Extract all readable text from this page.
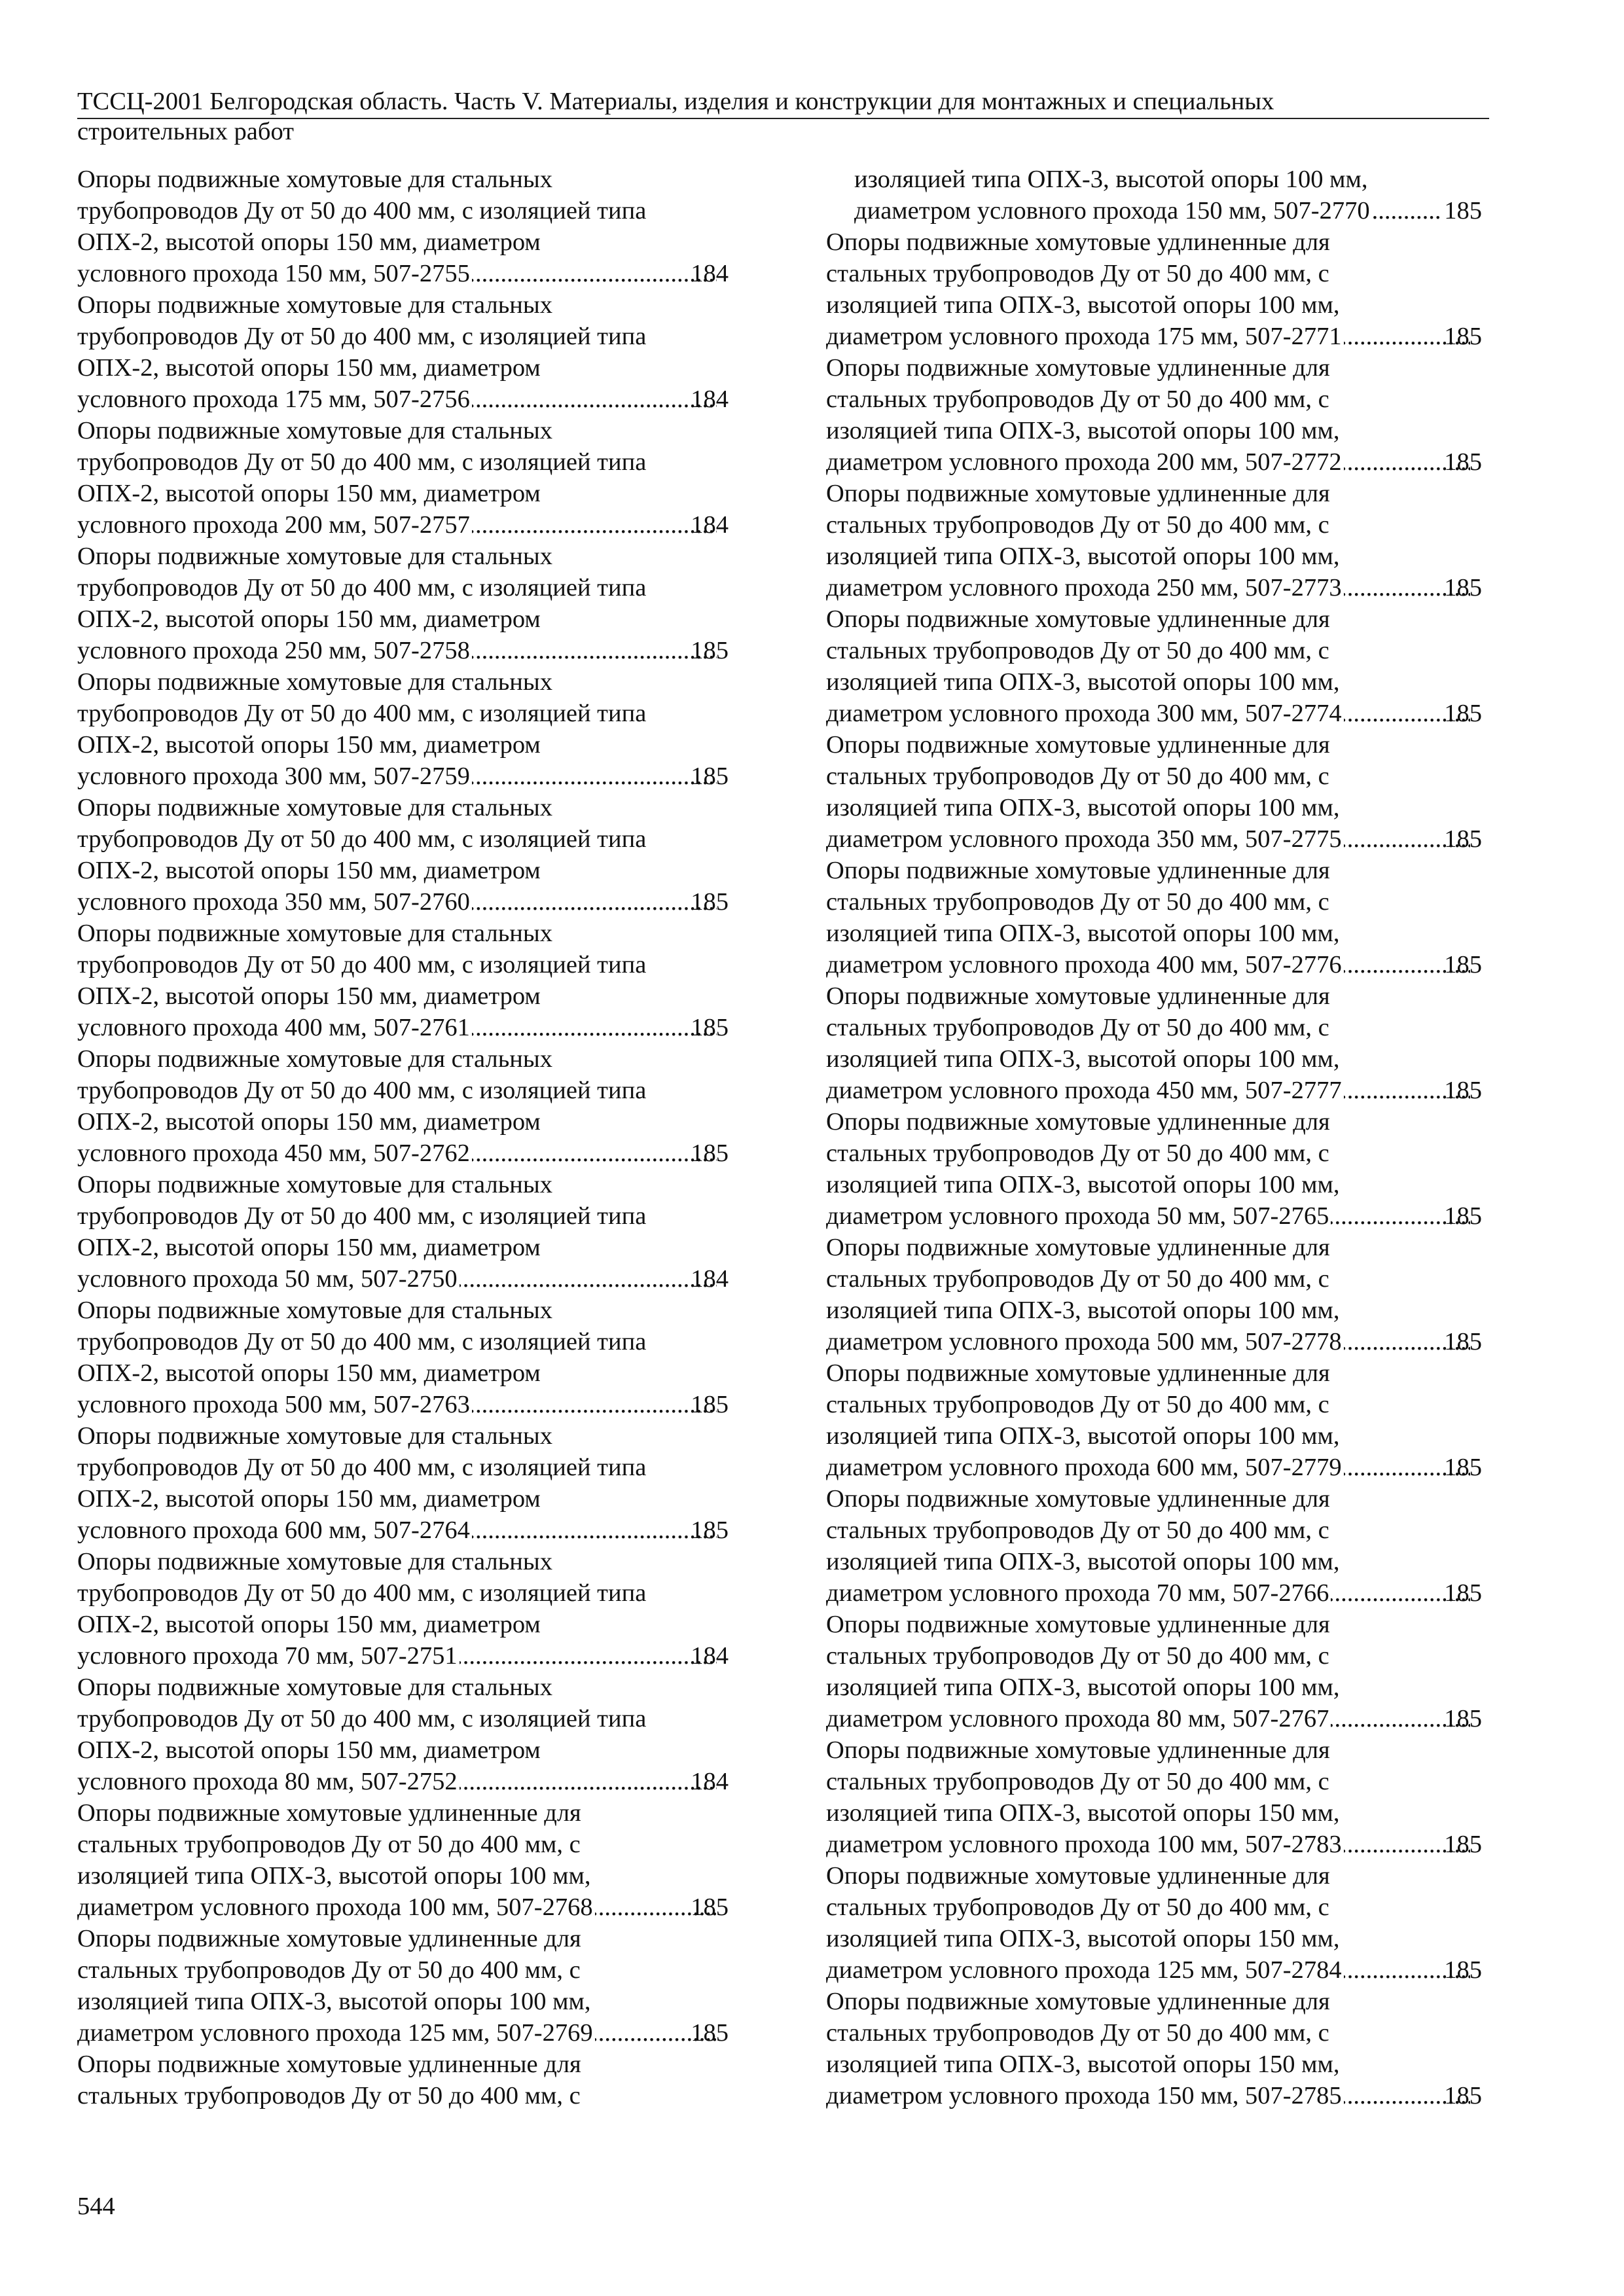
ТССЦ-2001 Белгородская область. Часть V. Материалы, изделия и конструкции для монтажных и специальных
строительных работ
Опоры подвижные хомутовые для стальных
трубопроводов Ду от 50 до 400 мм, с изоляцией типа
ОПХ-2, высотой опоры 150 мм, диаметром
условного прохода 150 мм, 507-2755 .....	184
Опоры подвижные хомутовые для стальных
трубопроводов Ду от 50 до 400 мм, с изоляцией типа
ОПХ-2, высотой опоры 150 мм, диаметром
условного прохода 175 мм, 507-2756 .....	184
Опоры подвижные хомутовые для стальных
трубопроводов Ду от 50 до 400 мм, с изоляцией типа
ОПХ-2, высотой опоры 150 мм, диаметром
условного прохода 200 мм, 507-2757 .....	184
Опоры подвижные хомутовые для стальных
трубопроводов Ду от 50 до 400 мм, с изоляцией типа
ОПХ-2, высотой опоры 150 мм, диаметром
условного прохода 250 мм, 507-2758 .....	185
Опоры подвижные хомутовые для стальных
трубопроводов Ду от 50 до 400 мм, с изоляцией типа
ОПХ-2, высотой опоры 150 мм, диаметром
условного прохода 300 мм, 507-2759 .....	185
Опоры подвижные хомутовые для стальных
трубопроводов Ду от 50 до 400 мм, с изоляцией типа
ОПХ-2, высотой опоры 150 мм, диаметром
условного прохода 350 мм, 507-2760 .....	185
Опоры подвижные хомутовые для стальных
трубопроводов Ду от 50 до 400 мм, с изоляцией типа
ОПХ-2, высотой опоры 150 мм, диаметром
условного прохода 400 мм, 507-2761 .....	185
Опоры подвижные хомутовые для стальных
трубопроводов Ду от 50 до 400 мм, с изоляцией типа
ОПХ-2, высотой опоры 150 мм, диаметром
условного прохода 450 мм, 507-2762 .....	185
Опоры подвижные хомутовые для стальных
трубопроводов Ду от 50 до 400 мм, с изоляцией типа
ОПХ-2, высотой опоры 150 мм, диаметром
условного прохода 50 мм, 507-2750 .....	184
Опоры подвижные хомутовые для стальных
трубопроводов Ду от 50 до 400 мм, с изоляцией типа
ОПХ-2, высотой опоры 150 мм, диаметром
условного прохода 500 мм, 507-2763 .....	185
Опоры подвижные хомутовые для стальных
трубопроводов Ду от 50 до 400 мм, с изоляцией типа
ОПХ-2, высотой опоры 150 мм, диаметром
условного прохода 600 мм, 507-2764 .....	185
Опоры подвижные хомутовые для стальных
трубопроводов Ду от 50 до 400 мм, с изоляцией типа
ОПХ-2, высотой опоры 150 мм, диаметром
условного прохода 70 мм, 507-2751 .....	184
Опоры подвижные хомутовые для стальных
трубопроводов Ду от 50 до 400 мм, с изоляцией типа
ОПХ-2, высотой опоры 150 мм, диаметром
условного прохода 80 мм, 507-2752 .....	184
Опоры подвижные хомутовые удлиненные для
стальных трубопроводов Ду от 50 до 400 мм, с
изоляцией типа ОПХ-3, высотой опоры 100 мм,
диаметром условного прохода 100 мм, 507-2768 .....	185
Опоры подвижные хомутовые удлиненные для
стальных трубопроводов Ду от 50 до 400 мм, с
изоляцией типа ОПХ-3, высотой опоры 100 мм,
диаметром условного прохода 125 мм, 507-2769 .....	185
Опоры подвижные хомутовые удлиненные для
стальных трубопроводов Ду от 50 до 400 мм, с
изоляцией типа ОПХ-3, высотой опоры 100 мм,
диаметром условного прохода 150 мм, 507-2770 .....	185
Опоры подвижные хомутовые удлиненные для
стальных трубопроводов Ду от 50 до 400 мм, с
изоляцией типа ОПХ-3, высотой опоры 100 мм,
диаметром условного прохода 175 мм, 507-2771 .....	185
Опоры подвижные хомутовые удлиненные для
стальных трубопроводов Ду от 50 до 400 мм, с
изоляцией типа ОПХ-3, высотой опоры 100 мм,
диаметром условного прохода 200 мм, 507-2772 .....	185
Опоры подвижные хомутовые удлиненные для
стальных трубопроводов Ду от 50 до 400 мм, с
изоляцией типа ОПХ-3, высотой опоры 100 мм,
диаметром условного прохода 250 мм, 507-2773 .....	185
Опоры подвижные хомутовые удлиненные для
стальных трубопроводов Ду от 50 до 400 мм, с
изоляцией типа ОПХ-3, высотой опоры 100 мм,
диаметром условного прохода 300 мм, 507-2774 .....	185
Опоры подвижные хомутовые удлиненные для
стальных трубопроводов Ду от 50 до 400 мм, с
изоляцией типа ОПХ-3, высотой опоры 100 мм,
диаметром условного прохода 350 мм, 507-2775 .....	185
Опоры подвижные хомутовые удлиненные для
стальных трубопроводов Ду от 50 до 400 мм, с
изоляцией типа ОПХ-3, высотой опоры 100 мм,
диаметром условного прохода 400 мм, 507-2776 .....	185
Опоры подвижные хомутовые удлиненные для
стальных трубопроводов Ду от 50 до 400 мм, с
изоляцией типа ОПХ-3, высотой опоры 100 мм,
диаметром условного прохода 450 мм, 507-2777 .....	185
Опоры подвижные хомутовые удлиненные для
стальных трубопроводов Ду от 50 до 400 мм, с
изоляцией типа ОПХ-3, высотой опоры 100 мм,
диаметром условного прохода 50 мм, 507-2765 .....	185
Опоры подвижные хомутовые удлиненные для
стальных трубопроводов Ду от 50 до 400 мм, с
изоляцией типа ОПХ-3, высотой опоры 100 мм,
диаметром условного прохода 500 мм, 507-2778 .....	185
Опоры подвижные хомутовые удлиненные для
стальных трубопроводов Ду от 50 до 400 мм, с
изоляцией типа ОПХ-3, высотой опоры 100 мм,
диаметром условного прохода 600 мм, 507-2779 .....	185
Опоры подвижные хомутовые удлиненные для
стальных трубопроводов Ду от 50 до 400 мм, с
изоляцией типа ОПХ-3, высотой опоры 100 мм,
диаметром условного прохода 70 мм, 507-2766 .....	185
Опоры подвижные хомутовые удлиненные для
стальных трубопроводов Ду от 50 до 400 мм, с
изоляцией типа ОПХ-3, высотой опоры 100 мм,
диаметром условного прохода 80 мм, 507-2767 .....	185
Опоры подвижные хомутовые удлиненные для
стальных трубопроводов Ду от 50 до 400 мм, с
изоляцией типа ОПХ-3, высотой опоры 150 мм,
диаметром условного прохода 100 мм, 507-2783 .....	185
Опоры подвижные хомутовые удлиненные для
стальных трубопроводов Ду от 50 до 400 мм, с
изоляцией типа ОПХ-3, высотой опоры 150 мм,
диаметром условного прохода 125 мм, 507-2784 .....	185
Опоры подвижные хомутовые удлиненные для
стальных трубопроводов Ду от 50 до 400 мм, с
изоляцией типа ОПХ-3, высотой опоры 150 мм,
диаметром условного прохода 150 мм, 507-2785 .....	185
544
